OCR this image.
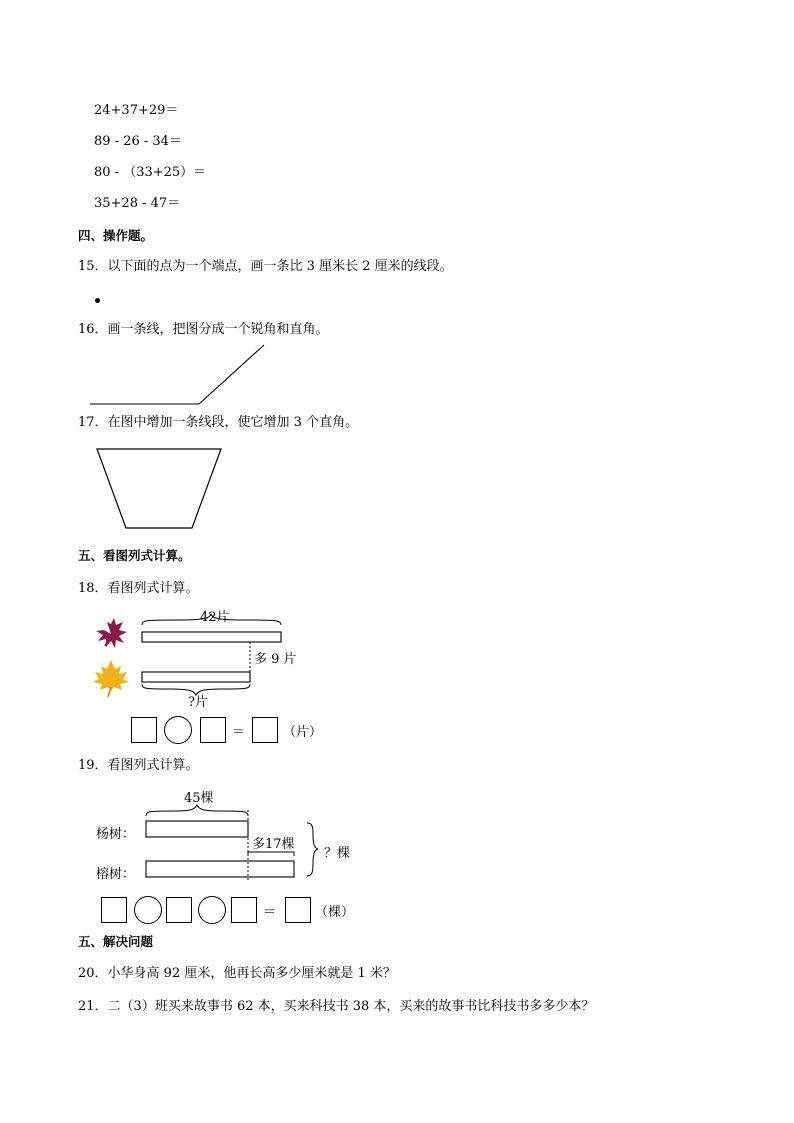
24+37+29＝
89 - 26 - 34＝
80 - （33+25）＝
35+28 - 47＝
四、操作题。
15．以下面的点为一个端点，画一条比 3 厘米长 2 厘米的线段。
16．画一条线，把图分成一个锐角和直角。
17．在图中增加一条线段，使它增加 3 个直角。
五、看图列式计算。
18．看图列式计算。
42片
多 9 片
?片
＝	（片）
19．看图列式计算。
45棵
杨树：
多17棵
榕树：
？棵
＝	（棵）
五、解决问题
20．小华身高 92 厘米，他再长高多少厘米就是 1 米？
21．二（3）班买来故事书 62 本，买来科技书 38 本，买来的故事书比科技书多多少本？
